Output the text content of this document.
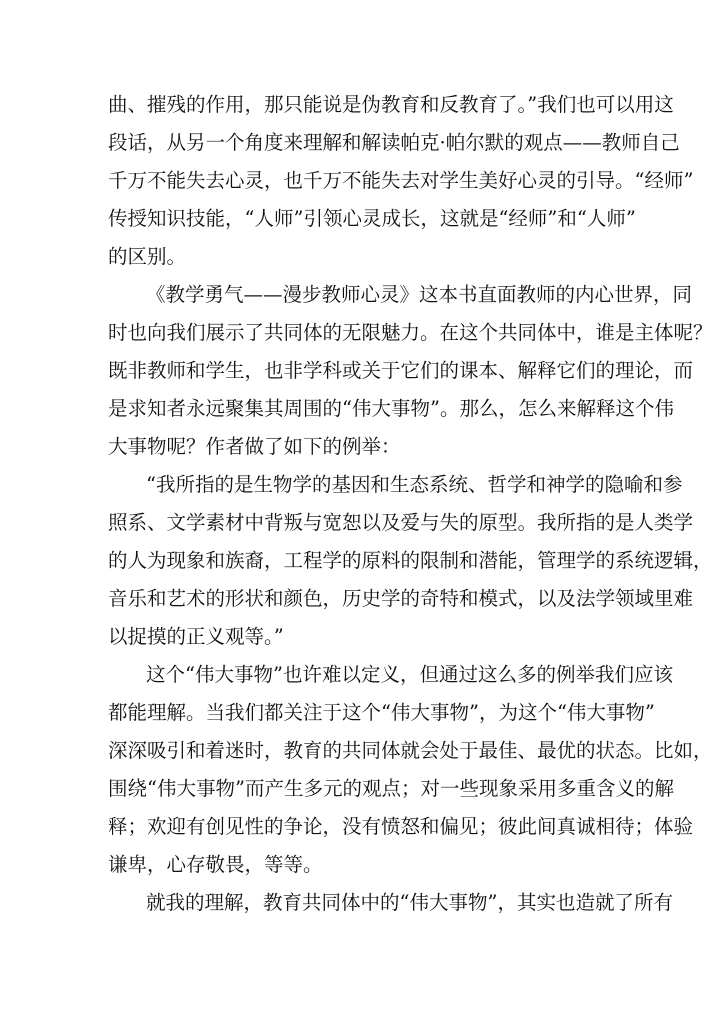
曲、摧残的作用，那只能说是伪教育和反教育了。”我们也可以用这
段话，从另一个角度来理解和解读帕克·帕尔默的观点——教师自己
千万不能失去心灵，也千万不能失去对学生美好心灵的引导。“经师”
传授知识技能，“人师”引领心灵成长，这就是“经师”和“人师”
的区别。
《教学勇气——漫步教师心灵》这本书直面教师的内心世界，同
时也向我们展示了共同体的无限魅力。在这个共同体中，谁是主体呢？
既非教师和学生，也非学科或关于它们的课本、解释它们的理论，而
是求知者永远聚集其周围的“伟大事物”。那么，怎么来解释这个伟
大事物呢？作者做了如下的例举：
“我所指的是生物学的基因和生态系统、哲学和神学的隐喻和参
照系、文学素材中背叛与宽恕以及爱与失的原型。我所指的是人类学
的人为现象和族裔，工程学的原料的限制和潜能，管理学的系统逻辑，
音乐和艺术的形状和颜色，历史学的奇特和模式，以及法学领域里难
以捉摸的正义观等。”
这个“伟大事物”也许难以定义，但通过这么多的例举我们应该
都能理解。当我们都关注于这个“伟大事物”，为这个“伟大事物”
深深吸引和着迷时，教育的共同体就会处于最佳、最优的状态。比如，
围绕“伟大事物”而产生多元的观点；对一些现象采用多重含义的解
释；欢迎有创见性的争论，没有愤怒和偏见；彼此间真诚相待；体验
谦卑，心存敬畏，等等。
就我的理解，教育共同体中的“伟大事物”，其实也造就了所有
